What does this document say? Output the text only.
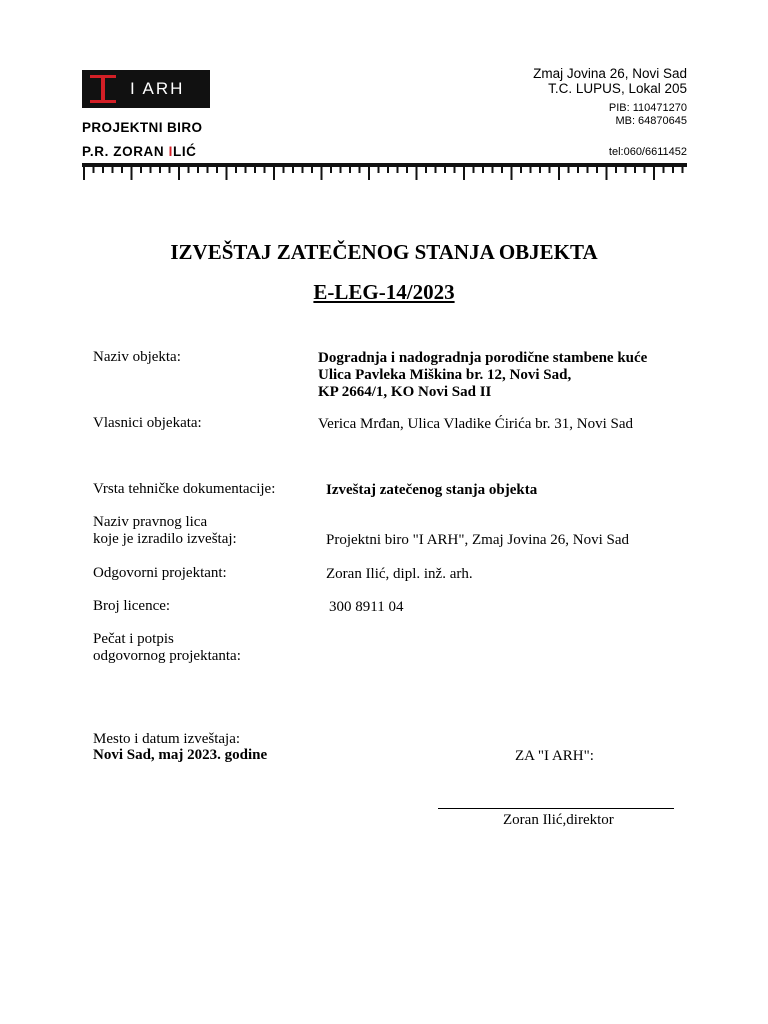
I ARH
PROJEKTNI BIRO
P.R. ZORAN ILIĆ
Zmaj Jovina 26, Novi Sad
T.C. LUPUS, Lokal 205
PIB: 110471270
MB: 64870645
tel:060/6611452
IZVEŠTAJ ZATEČENOG STANJA OBJEKTA
E-LEG-14/2023
Naziv objekta:	Dogradnja i nadogradnja porodične stambene kuće
Ulica Pavleka Miškina br. 12, Novi Sad,
KP 2664/1, KO Novi Sad II
Vlasnici objekata:	Verica Mrđan, Ulica Vladike Ćirića br. 31, Novi Sad
Vrsta tehničke dokumentacije:	Izveštaj zatečenog stanja objekta
Naziv pravnog lica
koje je izradilo izveštaj:	Projektni biro "I ARH", Zmaj Jovina 26, Novi Sad
Odgovorni projektant:	Zoran Ilić, dipl. inž. arh.
Broj licence:	300 8911 04
Pečat i potpis
odgovornog projektanta:
Mesto i datum izveštaja:
Novi Sad, maj 2023. godine	ZA "I ARH":
Zoran Ilić,direktor
